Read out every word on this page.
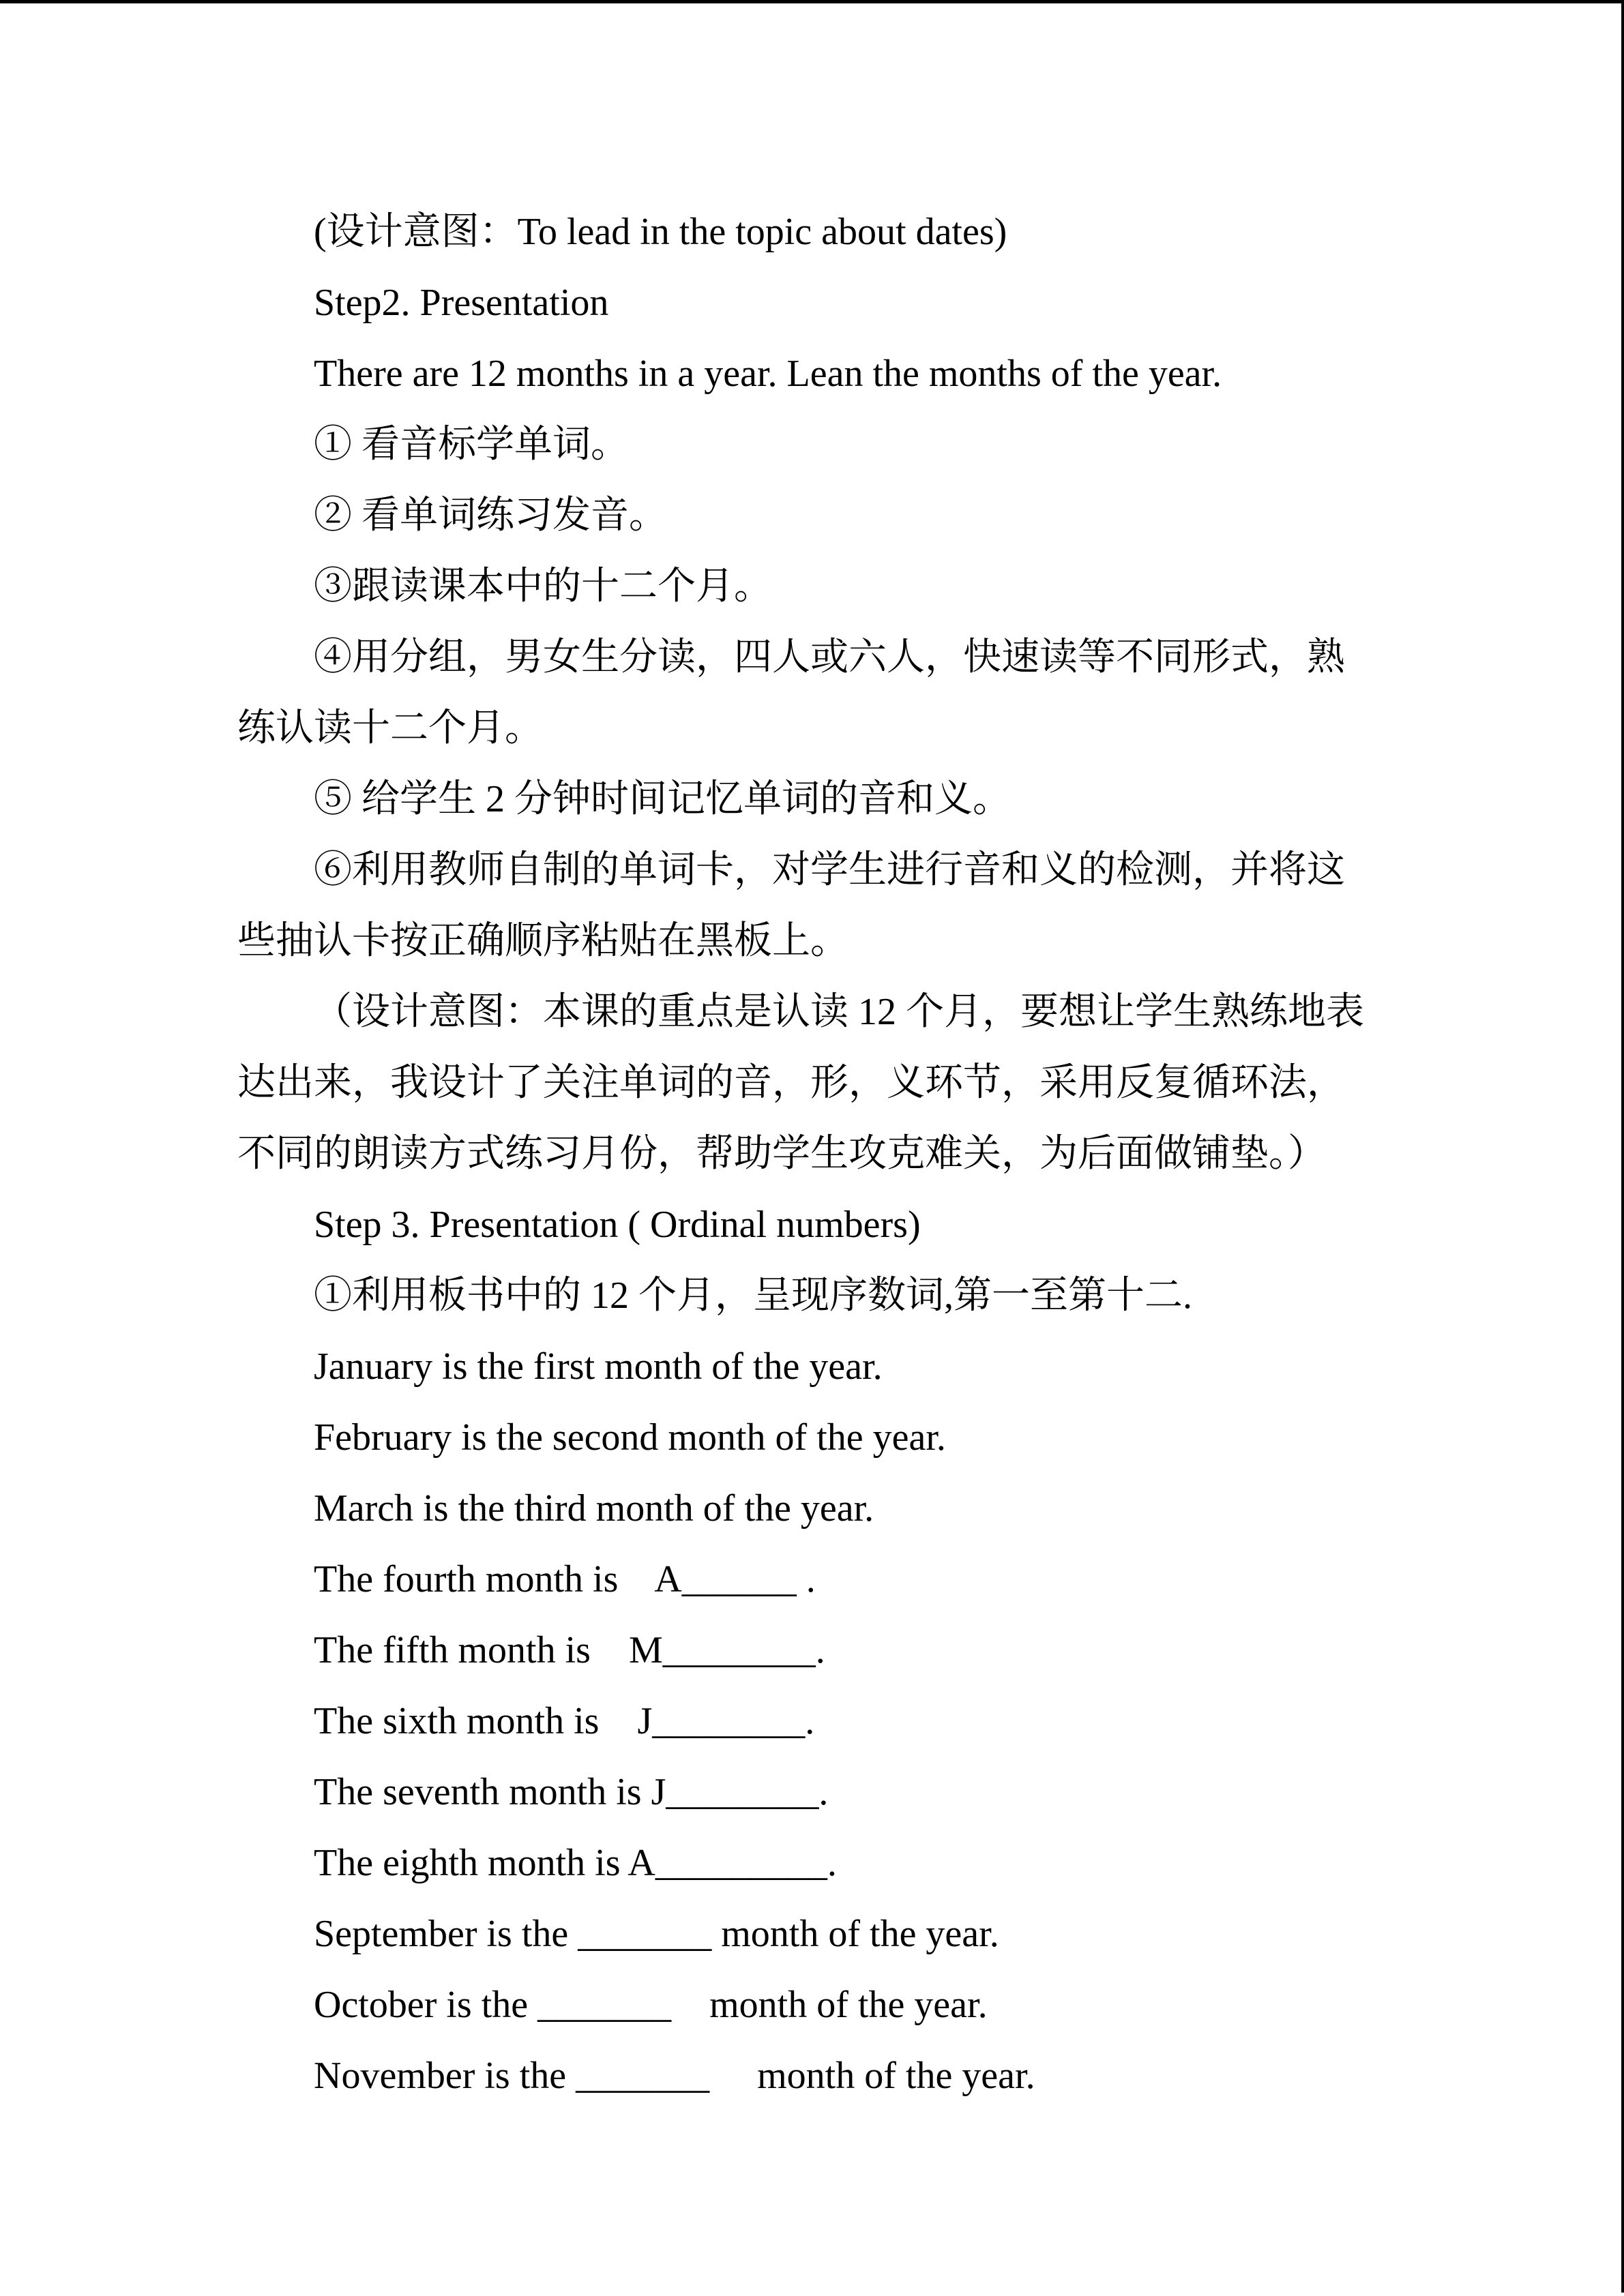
(设计意图：To lead in the topic about dates)
Step2. Presentation
There are 12 months in a year. Lean the months of the year.
① 看音标学单词。
② 看单词练习发音。
③跟读课本中的十二个月。
④用分组，男女生分读，四人或六人，快速读等不同形式，熟
练认读十二个月。
⑤ 给学生 2 分钟时间记忆单词的音和义。
⑥利用教师自制的单词卡，对学生进行音和义的检测，并将这
些抽认卡按正确顺序粘贴在黑板上。
（设计意图：本课的重点是认读 12 个月，要想让学生熟练地表
达出来，我设计了关注单词的音，形，义环节，采用反复循环法，
不同的朗读方式练习月份，帮助学生攻克难关，为后面做铺垫。）
Step 3. Presentation ( Ordinal numbers)
①利用板书中的 12 个月，呈现序数词,第一至第十二.
January is the first month of the year.
February is the second month of the year.
March is the third month of the year.
The fourth month is    A______ .
The fifth month is    M________.
The sixth month is    J________.
The seventh month is J________.
The eighth month is A_________.
September is the _______ month of the year.
October is the _______    month of the year.
November is the _______     month of the year.
